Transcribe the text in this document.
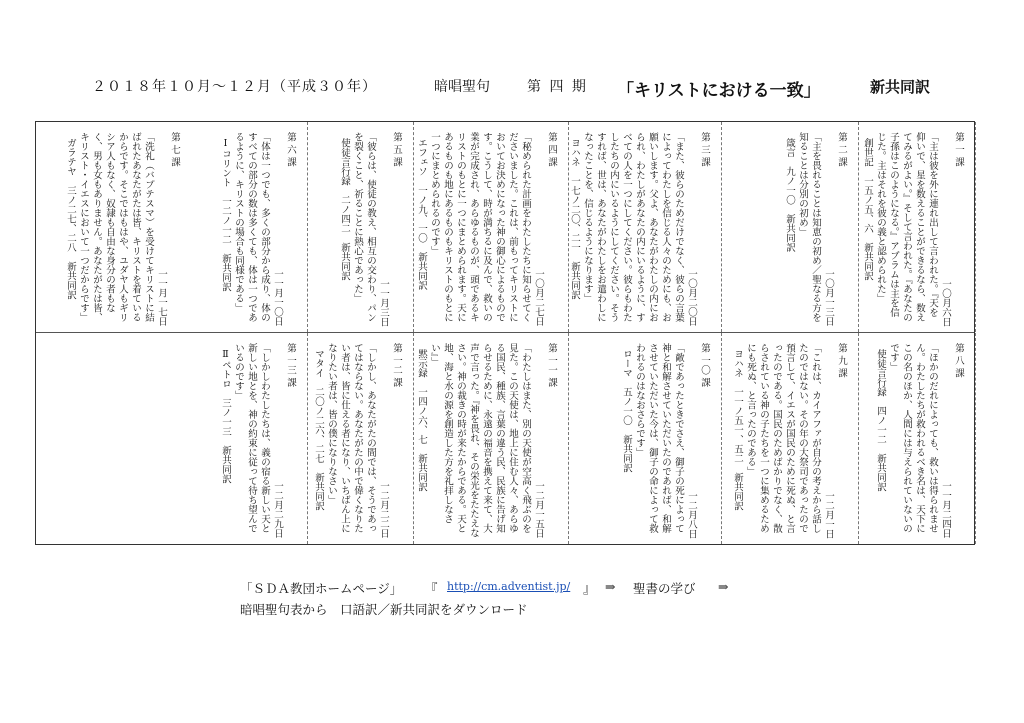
２０１８年１０月～１２月（平成３０年）	暗唱聖句	第 四 期 「キリストにおける一致」	新共同訳
第 一 課
一〇月六日
「主は彼を外に連れ出して言われた。『天を仰いで、星を数えることができるなら、数えてみるがよい。』そして言われた。『あなたの子孫はこのようになる。』アブラムは主を信じた。主はそれを彼の義と認められた」
創世記　一五ノ五、六　新共同訳
第 二 課
一〇月一三日
「主を畏れることは知恵の初め／聖なる方を知ることは分別の初め」
箴言　九ノ一〇　新共同訳
第 三 課
一〇月二〇日
「また、彼らのためだけでなく、彼らの言葉によってわたしを信じる人々のためにも、お願いします。父よ、あなたがわたしの内におられ、わたしがあなたの内にいるように、すべての人を一つにしてください。彼らもわたしたちの内にいるようにしてください。そうすれば、世は、あなたがわたしをお遣わしになったことを、信じるようになります」
ヨハネ　一七ノ二〇、二一　新共同訳
第 四 課
一〇月二七日
「秘められた計画をわたしたちに知らせてくださいました。これは、前もってキリストにおいてお決めになった神の御心によるものです。こうして、時が満ちるに及んで、救いの業が完成され、あらゆるものが、頭であるキリストのもとに一つにまとめられます。天にあるものも地にあるものもキリストのもとに一つにまとめられるのです」
エフェソ　一ノ九、一〇　新共同訳
第 五 課
一一月三日
「彼らは、使徒の教え、相互の交わり、パンを裂くこと、祈ることに熱心であった」
使徒言行録　二ノ四二　新共同訳
第 六 課
一一月一〇日
「体は一つでも、多くの部分から成り、体のすべての部分の数は多くても、体は一つであるように、キリストの場合も同様である」
Ⅰコリント　一二ノ一二　新共同訳
第 七 課
一一月一七日
「洗礼（バプテスマ）を受けてキリストに結ばれたあなたがたは皆、キリストを着ているからです。そこではもはや、ユダヤ人もギリシア人もなく、奴隷も自由な身分の者もなく、男も女もありません。あなたがたは皆、キリスト・イエスにおいて一つだからです」
ガラテヤ　三ノ二七、二八　新共同訳
第 八 課
一一月二四日
「ほかのだれによっても、救いは得られません。わたしたちが救われるべき名は、天下にこの名のほか、人間には与えられていないのです」
使徒言行録　四ノ一二　新共同訳
第 九 課
一二月一日
「これは、カイアファが自分の考えから話したのではない。その年の大祭司であったので預言して、イエスが国民のために死ぬ、と言ったのである。国民のためばかりでなく、散らされている神の子たちを一つに集めるためにも死ぬ、と言ったのである」
ヨハネ　一一ノ五一、五二　新共同訳
第 一〇 課
一二月八日
「敵であったときでさえ、御子の死によって神と和解させていただいたのであれば、和解させていただいた今は、御子の命によって救われるのはなおさらです」
ローマ　五ノ一〇　新共同訳
第 一一 課
一二月一五日
「わたしはまた、別の天使が空高く飛ぶのを見た。この天使は、地上に住む人々、あらゆる国民、種族、言葉の違う民、民族に告げ知らせるために、永遠の福音を携えて来て、大声で言った。『神を畏れ、その栄光をたたえなさい。神の裁きの時が来たからである。天と地、海と水の源を創造した方を礼拝しなさい』」
黙示録　一四ノ六、七　新共同訳
第 一二 課
一二月二二日
「しかし、あなたがたの間では、そうであってはならない。あなたがたの中で偉くなりたい者は、皆に仕える者になり、いちばん上になりたい者は、皆の僕になりなさい」
マタイ　二〇ノ二六、二七　新共同訳
第 一三 課
一二月二九日
「しかしわたしたちは、義の宿る新しい天と新しい地とを、神の約束に従って待ち望んでいるのです」
Ⅱペトロ　三ノ一三　新共同訳
「ＳＤＡ教団ホームページ」 『 http://cm.adventist.jp/ 』 ⇒ 聖書の学び ⇒
暗唱聖句表から　口語訳／新共同訳をダウンロード
